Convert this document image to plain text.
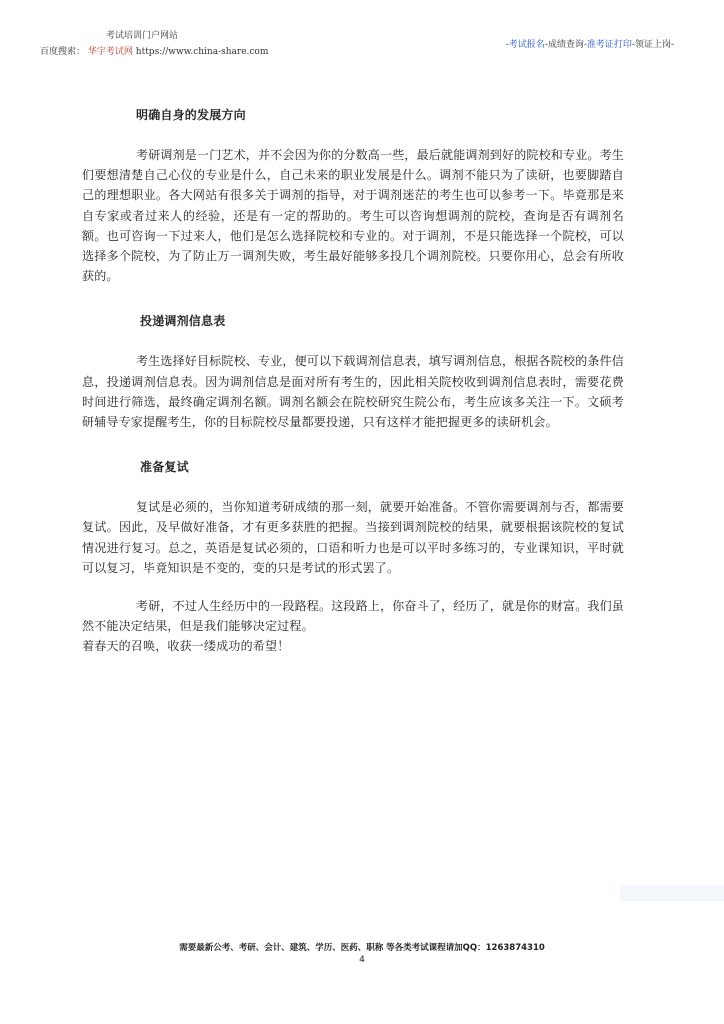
考试培训门户网站
百度搜索： 华宇考试网 https://www.china-share.com
-考试报名-成绩查询-准考证打印-领证上岗-
明确自身的发展方向

考研调剂是一门艺术，并不会因为你的分数高一些，最后就能调剂到好的院校和专业。考生们要想清楚自己心仪的专业是什么，自己未来的职业发展是什么。调剂不能只为了读研，也要脚踏自己的理想职业。各大网站有很多关于调剂的指导，对于调剂迷茫的考生也可以参考一下。毕竟那是来自专家或者过来人的经验，还是有一定的帮助的。考生可以咨询想调剂的院校，查询是否有调剂名额。也可咨询一下过来人，他们是怎么选择院校和专业的。对于调剂，不是只能选择一个院校，可以选择多个院校，为了防止万一调剂失败，考生最好能够多投几个调剂院校。只要你用心，总会有所收获的。

投递调剂信息表

考生选择好目标院校、专业，便可以下载调剂信息表，填写调剂信息，根据各院校的条件信息，投递调剂信息表。因为调剂信息是面对所有考生的，因此相关院校收到调剂信息表时，需要花费时间进行筛选，最终确定调剂名额。调剂名额会在院校研究生院公布，考生应该多关注一下。文硕考研辅导专家提醒考生，你的目标院校尽量都要投递，只有这样才能把握更多的读研机会。

准备复试

复试是必须的，当你知道考研成绩的那一刻，就要开始准备。不管你需要调剂与否，都需要复试。因此，及早做好准备，才有更多获胜的把握。当接到调剂院校的结果，就要根据该院校的复试情况进行复习。总之，英语是复试必须的，口语和听力也是可以平时多练习的，专业课知识，平时就可以复习，毕竟知识是不变的，变的只是考试的形式罢了。

考研，不过人生经历中的一段路程。这段路上，你奋斗了，经历了，就是你的财富。我们虽然不能决定结果，但是我们能够决定过程。

着春天的召唤，收获一缕成功的希望！

需要最新公考、考研、会计、建筑、学历、医药、职称 等各类考试课程请加QQ：1263874310
4
